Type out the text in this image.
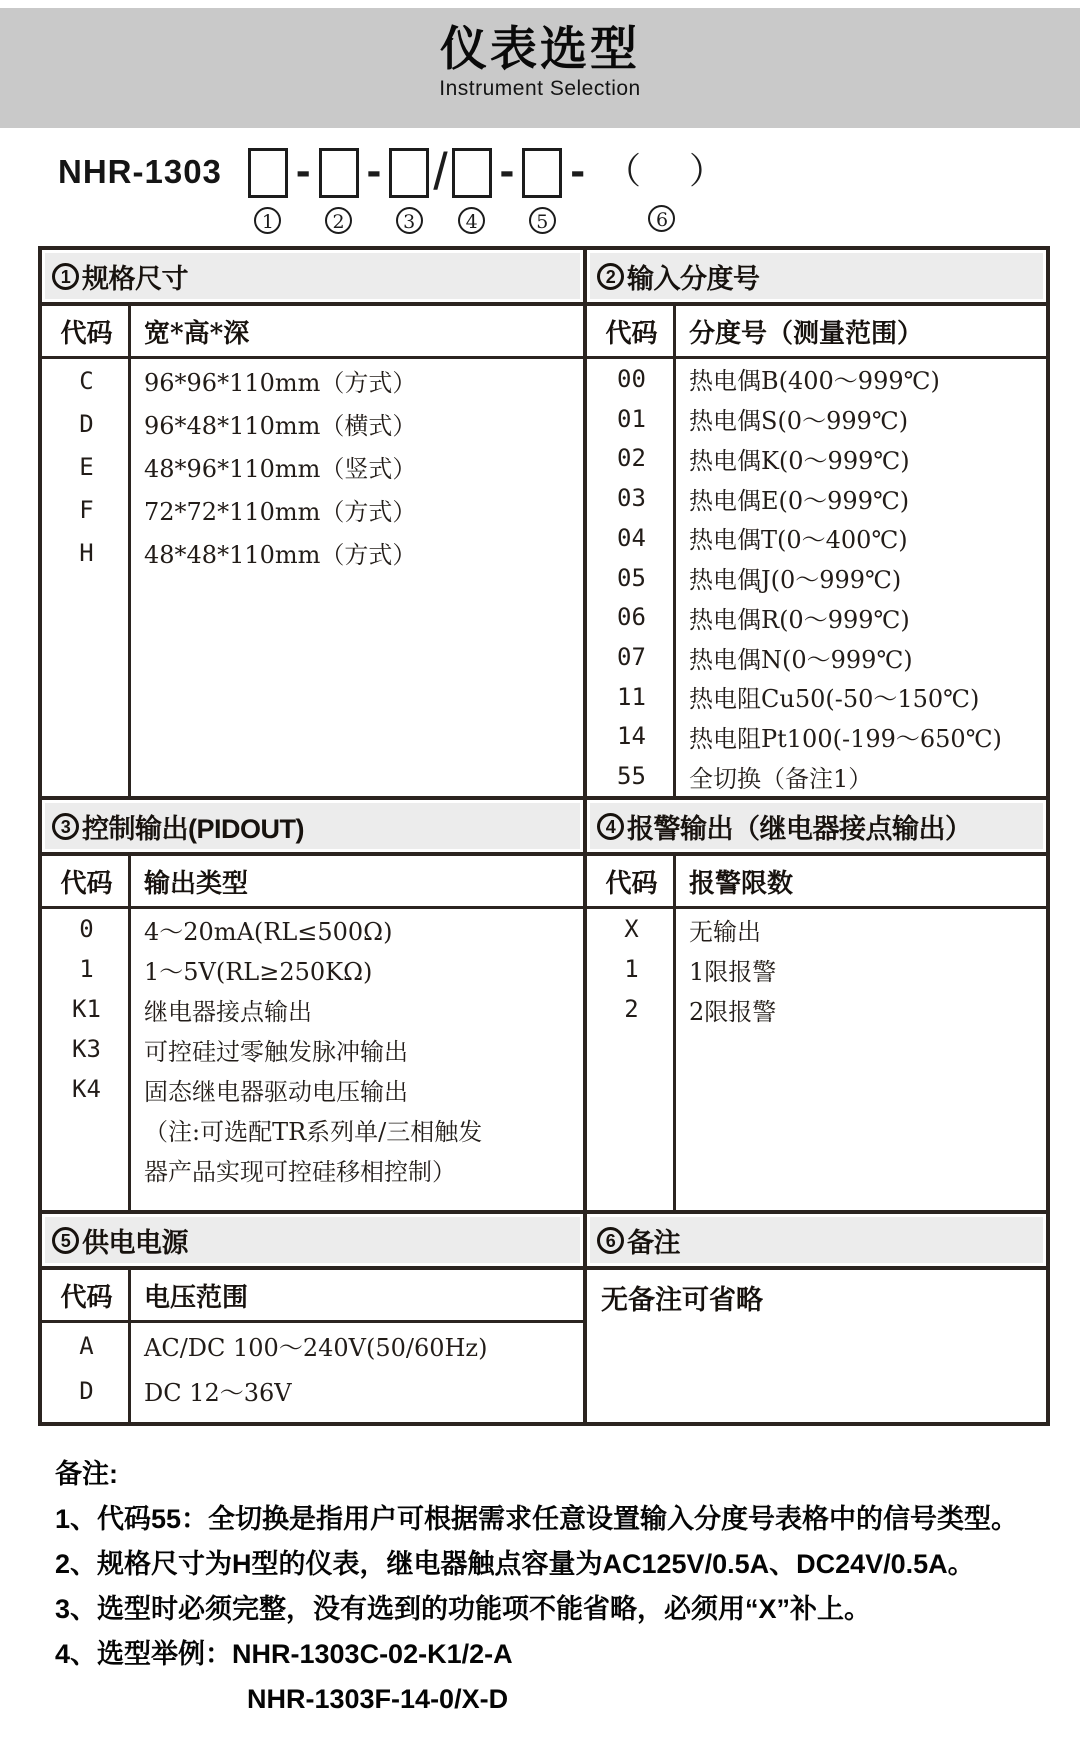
仪表选型
Instrument Selection
NHR-1303
1
-
2
-
3
/
4
-
5
- （　）
6
1 规格尺寸
代码	宽*高*深
C	96*96*110mm（方式）
D	96*48*110mm（横式）
E	48*96*110mm（竖式）
F	72*72*110mm（方式）
H	48*48*110mm（方式）
2 输入分度号
代码	分度号（测量范围）
00	热电偶B(400～999℃)
01	热电偶S(0～999℃)
02	热电偶K(0～999℃)
03	热电偶E(0～999℃)
04	热电偶T(0～400℃)
05	热电偶J(0～999℃)
06	热电偶R(0～999℃)
07	热电偶N(0～999℃)
11	热电阻Cu50(-50～150℃)
14	热电阻Pt100(-199～650℃)
55	全切换（备注1）
3 控制输出(PIDOUT)
代码	输出类型
0	4～20mA(RL≤500Ω)
1	1～5V(RL≥250KΩ)
K1	继电器接点输出
K3	可控硅过零触发脉冲输出
K4	固态继电器驱动电压输出
（注:可选配TR系列单/三相触发
器产品实现可控硅移相控制）
4 报警输出（继电器接点输出）
代码	报警限数
X	无输出
1	1限报警
2	2限报警
5 供电电源
代码	电压范围
A	AC/DC 100～240V(50/60Hz)
D	DC 12～36V
6 备注
无备注可省略
备注:
1、代码55：全切换是指用户可根据需求任意设置输入分度号表格中的信号类型。
2、规格尺寸为H型的仪表，继电器触点容量为AC125V/0.5A、DC24V/0.5A。
3、选型时必须完整，没有选到的功能项不能省略，必须用“X”补上。
4、选型举例：NHR-1303C-02-K1/2-A
NHR-1303F-14-0/X-D
